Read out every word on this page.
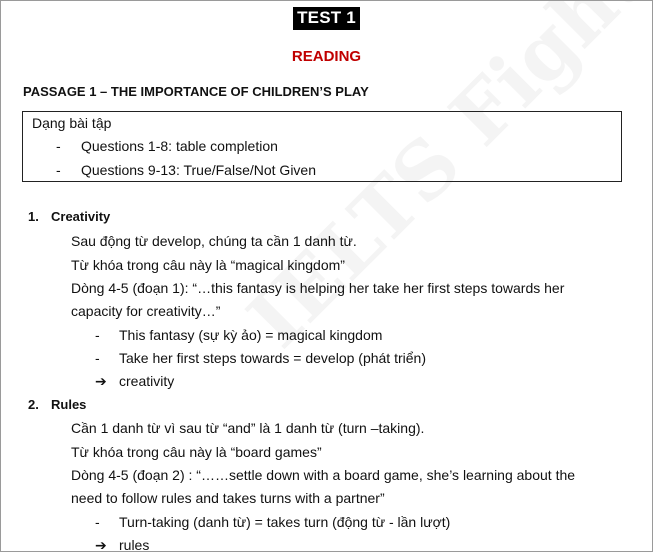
TEST 1
READING
PASSAGE 1 – THE IMPORTANCE OF CHILDREN’S PLAY
Dạng bài tập
- Questions 1-8: table completion
- Questions 9-13: True/False/Not Given
1. Creativity
Sau động từ develop, chúng ta cần 1 danh từ.
Từ khóa trong câu này là “magical kingdom”
Dòng 4-5 (đoạn 1): “…this fantasy is helping her take her first steps towards her
capacity for creativity…”
- This fantasy (sự kỳ ảo) = magical kingdom
- Take her first steps towards = develop (phát triển)
➔ creativity
2. Rules
Cần 1 danh từ vì sau từ “and” là 1 danh từ (turn –taking).
Từ khóa trong câu này là “board games”
Dòng 4-5 (đoạn 2) : “……settle down with a board game, she’s learning about the
need to follow rules and takes turns with a partner”
- Turn-taking (danh từ) = takes turn (động từ - lần lượt)
➔ rules
